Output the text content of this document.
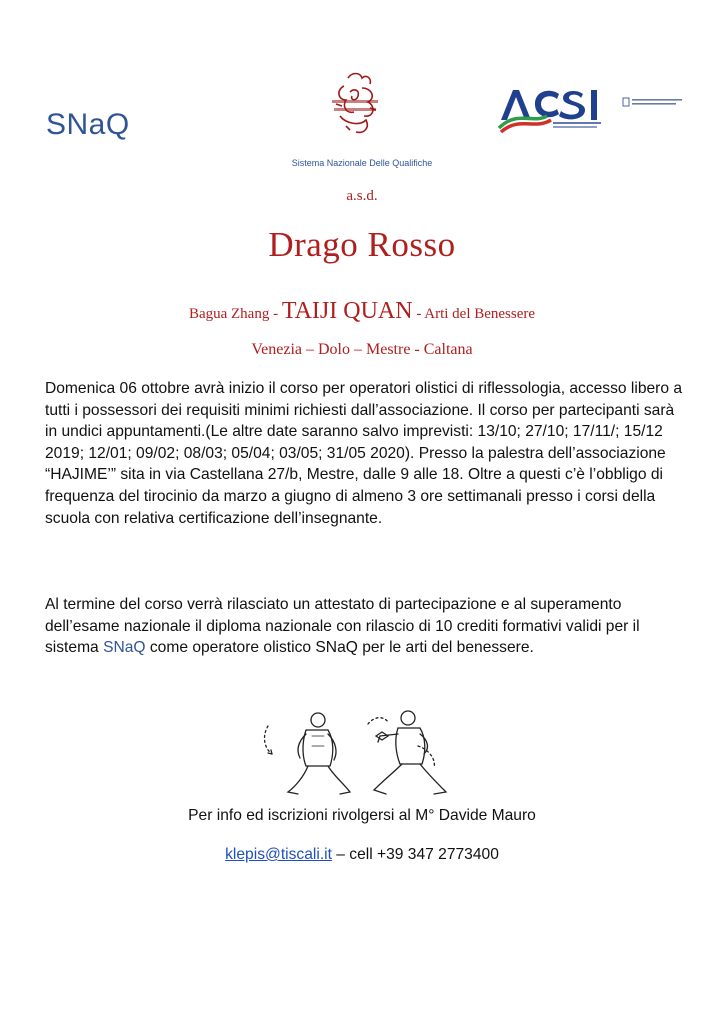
SNaQ
Sistema Nazionale Delle Qualifiche
a.s.d.
Drago Rosso
Bagua Zhang - TAIJI QUAN - Arti del Benessere
Venezia – Dolo – Mestre - Caltana
Domenica 06 ottobre avrà inizio il corso per operatori olistici di riflessologia, accesso libero a tutti i possessori dei requisiti minimi richiesti dall’associazione. Il corso per partecipanti sarà in undici appuntamenti.(Le altre date saranno salvo imprevisti: 13/10; 27/10; 17/11/; 15/12 2019; 12/01; 09/02; 08/03; 05/04; 03/05; 31/05 2020). Presso la palestra dell’associazione “HAJIME’” sita in via Castellana 27/b, Mestre, dalle 9 alle 18. Oltre a questi c’è l’obbligo di frequenza del tirocinio da marzo a giugno di almeno 3 ore settimanali presso i corsi della scuola con relativa certificazione dell’insegnante.
Al termine del corso verrà rilasciato un attestato di partecipazione e al superamento dell’esame nazionale il diploma nazionale con rilascio di 10 crediti formativi validi per il sistema SNaQ come operatore olistico SNaQ per le arti del benessere.
Per info ed iscrizioni rivolgersi al M° Davide Mauro
klepis@tiscali.it – cell +39 347 2773400
